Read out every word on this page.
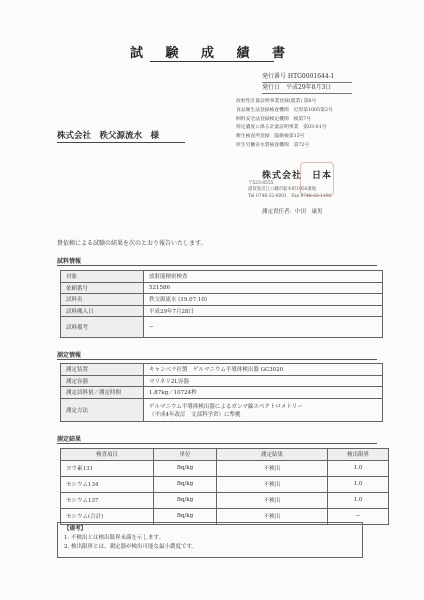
試 験 成 績 書
発行番号 HTG0001644-1
発行日　平成29年8月3日
株式会社　秩父源流水　様
放射性計量証明事業登録(農業) 第8号
食品衛生法登録検査機関　近厚第1005第2号
飼料安全法登録検定機関　検第7号
特定濃度に係る計量証明事業　第03-01号
衛生検査所登録　臨衛検第13号
厚生労働省水質検査機関　第72号
株式会社　日本
〒523-8555
滋賀県近江八幡市船木町1050番地
Tel 0748-32-6001　Fax 0748-32-1192
測定責任者：中田　康男
貴依頼による試験の結果を次のとおり報告いたします。
試料情報
対象	放射能精密検査
依頼番号	521586
試料名	秩父源流水 (19.07.10)
試料搬入日	平成29年7月28日
試料備考	−
測定情報
測定装置	キャンベラ社製　ゲルマニウム半導体検出器 GC3020
測定容器	マリネリ2L容器
測定試料量／測定時間	1.87kg／10724秒
測定方法	ゲルマニウム半導体検出器によるガンマ線スペクトロメトリー
（平成4年改訂　文部科学省）に準拠
測定結果
検査項目	単位	測定結果	検出限界
ヨウ素131	Bq/kg	不検出	1.0
セシウム134	Bq/kg	不検出	1.0
セシウム137	Bq/kg	不検出	1.0
セシウム(合計)	Bq/kg	不検出	−
【備考】
1. 不検出とは検出限界未満を示します。
2. 検出限界とは、測定器が検出可能な最小濃度です。
